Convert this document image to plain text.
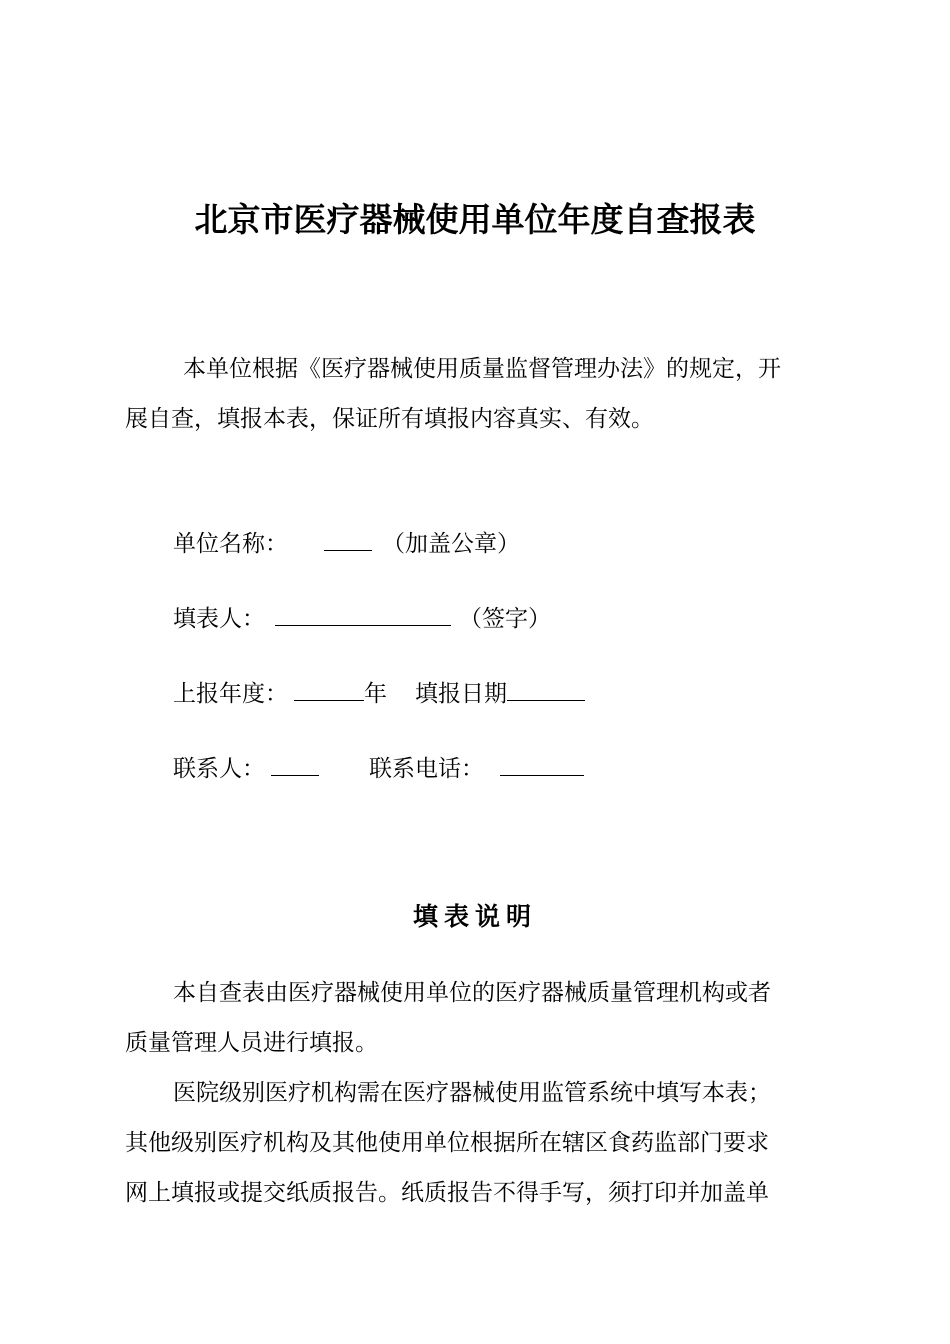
北京市医疗器械使用单位年度自查报表
本单位根据《医疗器械使用质量监督管理办法》的规定，开
展自查，填报本表，保证所有填报内容真实、有效。
单位名称：	（加盖公章）
填表人：	（签字）
上报年度：	年 填报日期
联系人：	联系电话：
填表说明
本自查表由医疗器械使用单位的医疗器械质量管理机构或者
质量管理人员进行填报。
医院级别医疗机构需在医疗器械使用监管系统中填写本表；
其他级别医疗机构及其他使用单位根据所在辖区食药监部门要求
网上填报或提交纸质报告。纸质报告不得手写，须打印并加盖单
